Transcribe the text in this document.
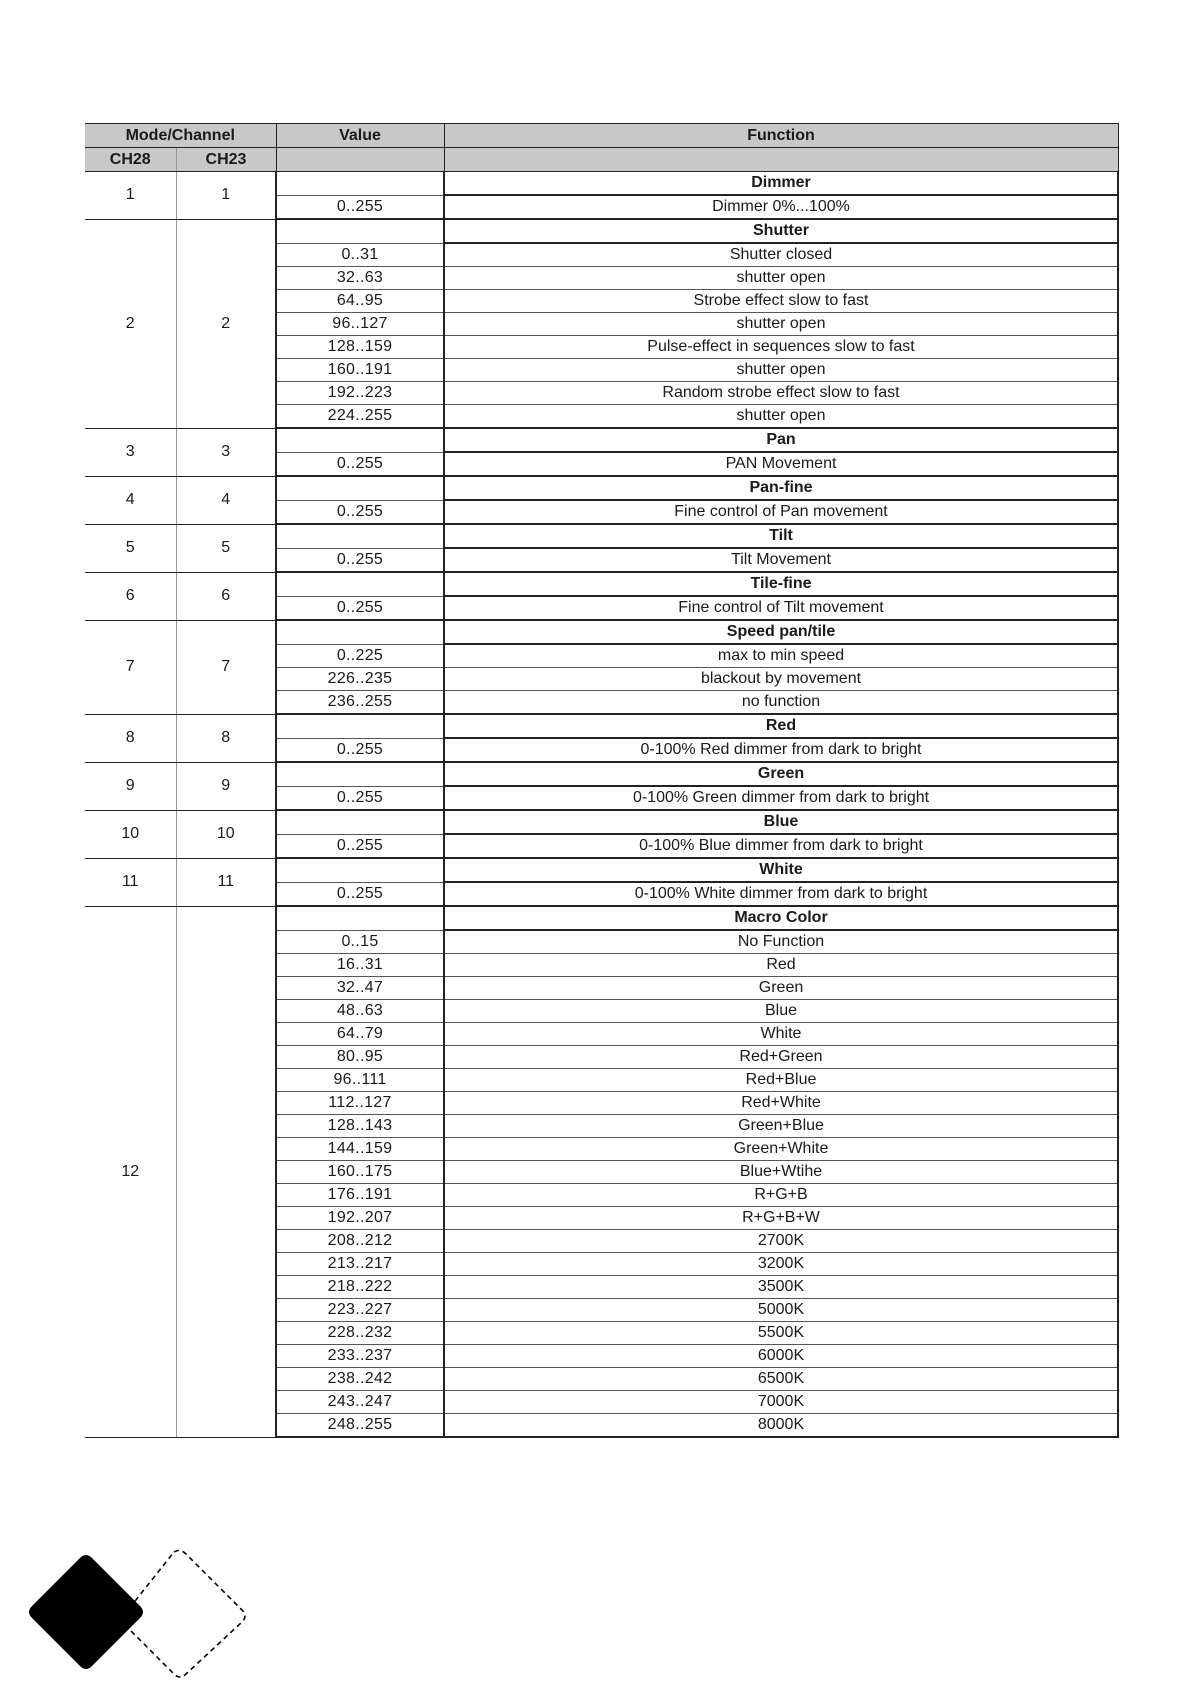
Mode/Channel		Value	Function
CH28	CH23		
1	1		Dimmer
		0..255	Dimmer 0%...100%
2	2		Shutter
		0..31	Shutter closed
		32..63	shutter open
		64..95	Strobe effect slow to fast
		96..127	shutter open
		128..159	Pulse-effect in sequences slow to fast
		160..191	shutter open
		192..223	Random strobe effect slow to fast
		224..255	shutter open
3	3		Pan
		0..255	PAN Movement
4	4		Pan-fine
		0..255	Fine control of Pan movement
5	5		Tilt
		0..255	Tilt Movement
6	6		Tile-fine
		0..255	Fine control of Tilt movement
7	7		Speed pan/tile
		0..225	max to min speed
		226..235	blackout by movement
		236..255	no function
8	8		Red
		0..255	0-100% Red dimmer from dark to bright
9	9		Green
		0..255	0-100% Green dimmer from dark to bright
10	10		Blue
		0..255	0-100% Blue dimmer from dark to bright
11	11		White
		0..255	0-100% White dimmer from dark to bright
12			Macro Color
		0..15	No Function
		16..31	Red
		32..47	Green
		48..63	Blue
		64..79	White
		80..95	Red+Green
		96..111	Red+Blue
		112..127	Red+White
		128..143	Green+Blue
		144..159	Green+White
		160..175	Blue+Wtihe
		176..191	R+G+B
		192..207	R+G+B+W
		208..212	2700K
		213..217	3200K
		218..222	3500K
		223..227	5000K
		228..232	5500K
		233..237	6000K
		238..242	6500K
		243..247	7000K
		248..255	8000K
